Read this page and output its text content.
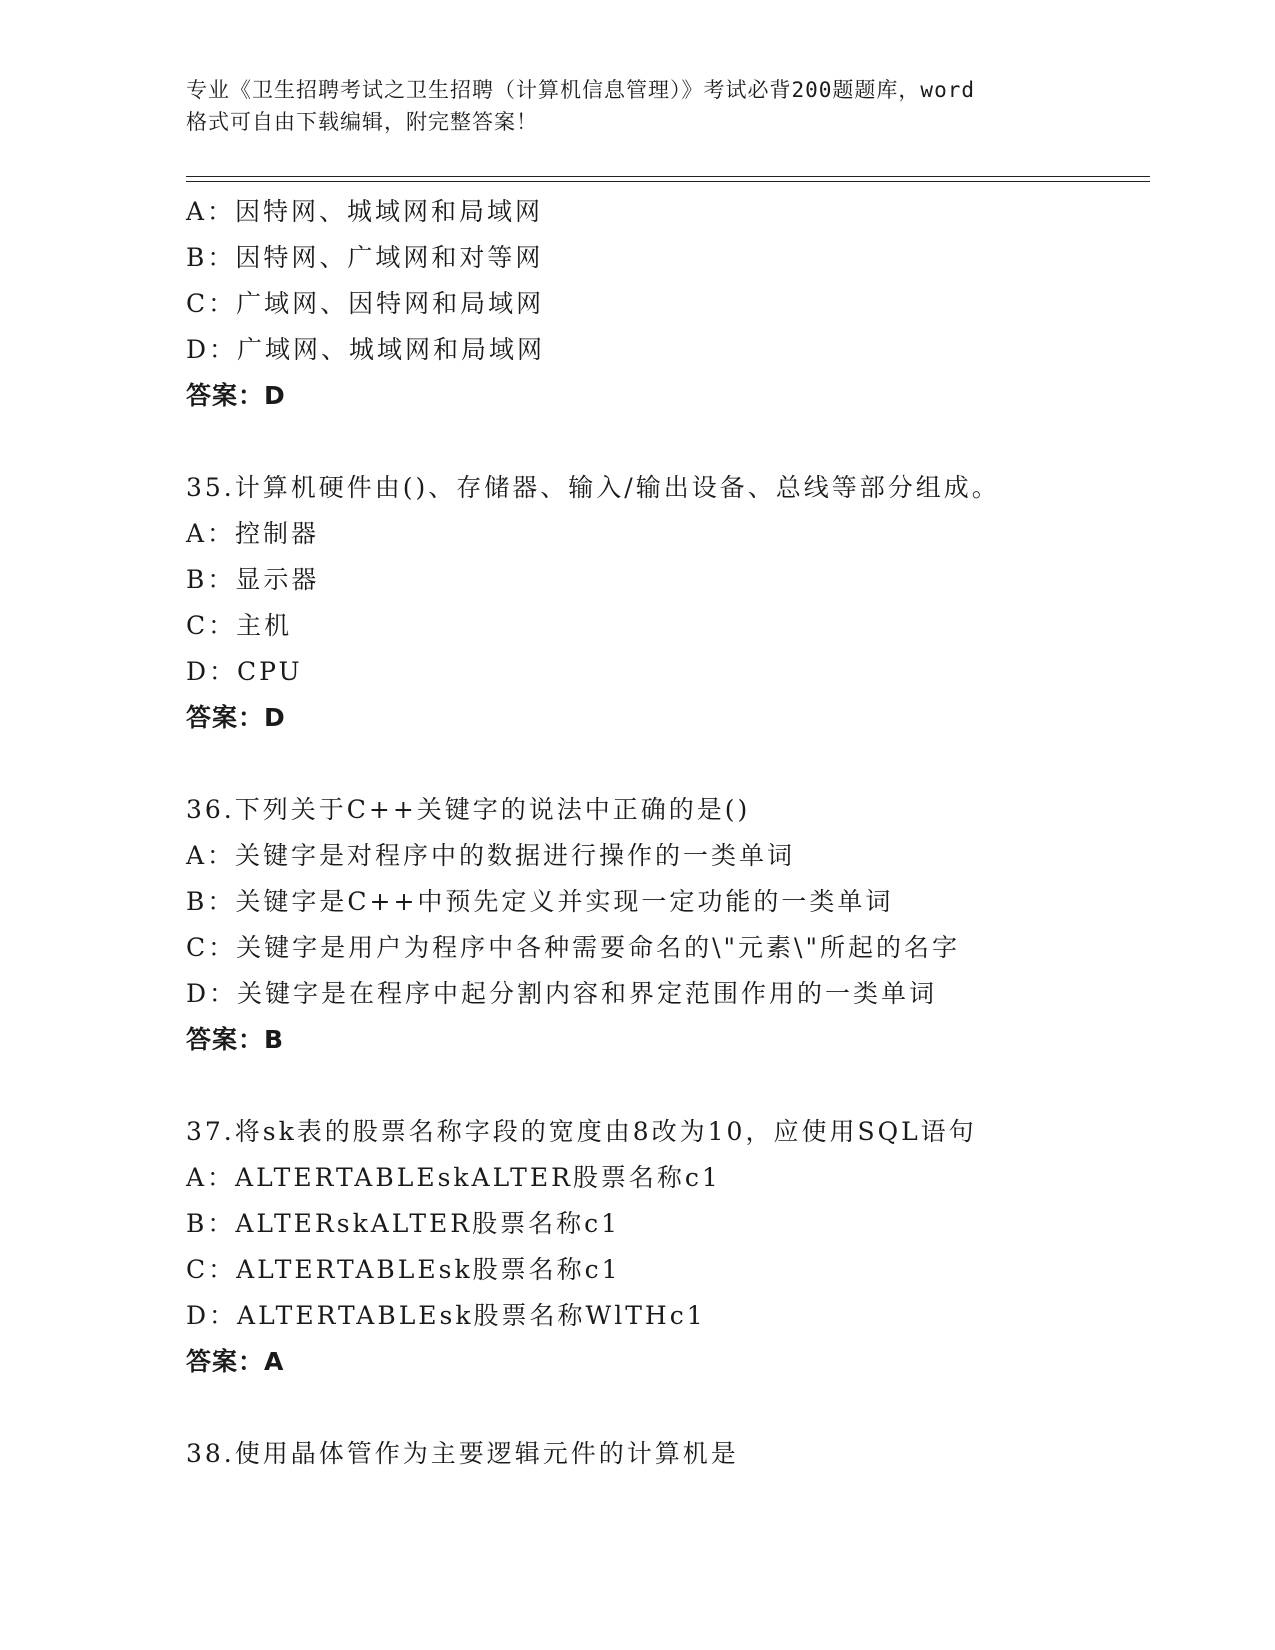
专业《卫生招聘考试之卫生招聘（计算机信息管理）》考试必背200题题库，word
格式可自由下载编辑，附完整答案！
A：因特网、城域网和局域网
B：因特网、广域网和对等网
C：广域网、因特网和局域网
D：广域网、城域网和局域网
答案：D
35.计算机硬件由()、存储器、输入/输出设备、总线等部分组成。
A：控制器
B：显示器
C：主机
D：CPU
答案：D
36.下列关于C++关键字的说法中正确的是()
A：关键字是对程序中的数据进行操作的一类单词
B：关键字是C++中预先定义并实现一定功能的一类单词
C：关键字是用户为程序中各种需要命名的\"元素\"所起的名字
D：关键字是在程序中起分割内容和界定范围作用的一类单词
答案：B
37.将sk表的股票名称字段的宽度由8改为10，应使用SQL语句
A：ALTERTABLEskALTER股票名称c1
B：ALTERskALTER股票名称c1
C：ALTERTABLEsk股票名称c1
D：ALTERTABLEsk股票名称WlTHc1
答案：A
38.使用晶体管作为主要逻辑元件的计算机是
